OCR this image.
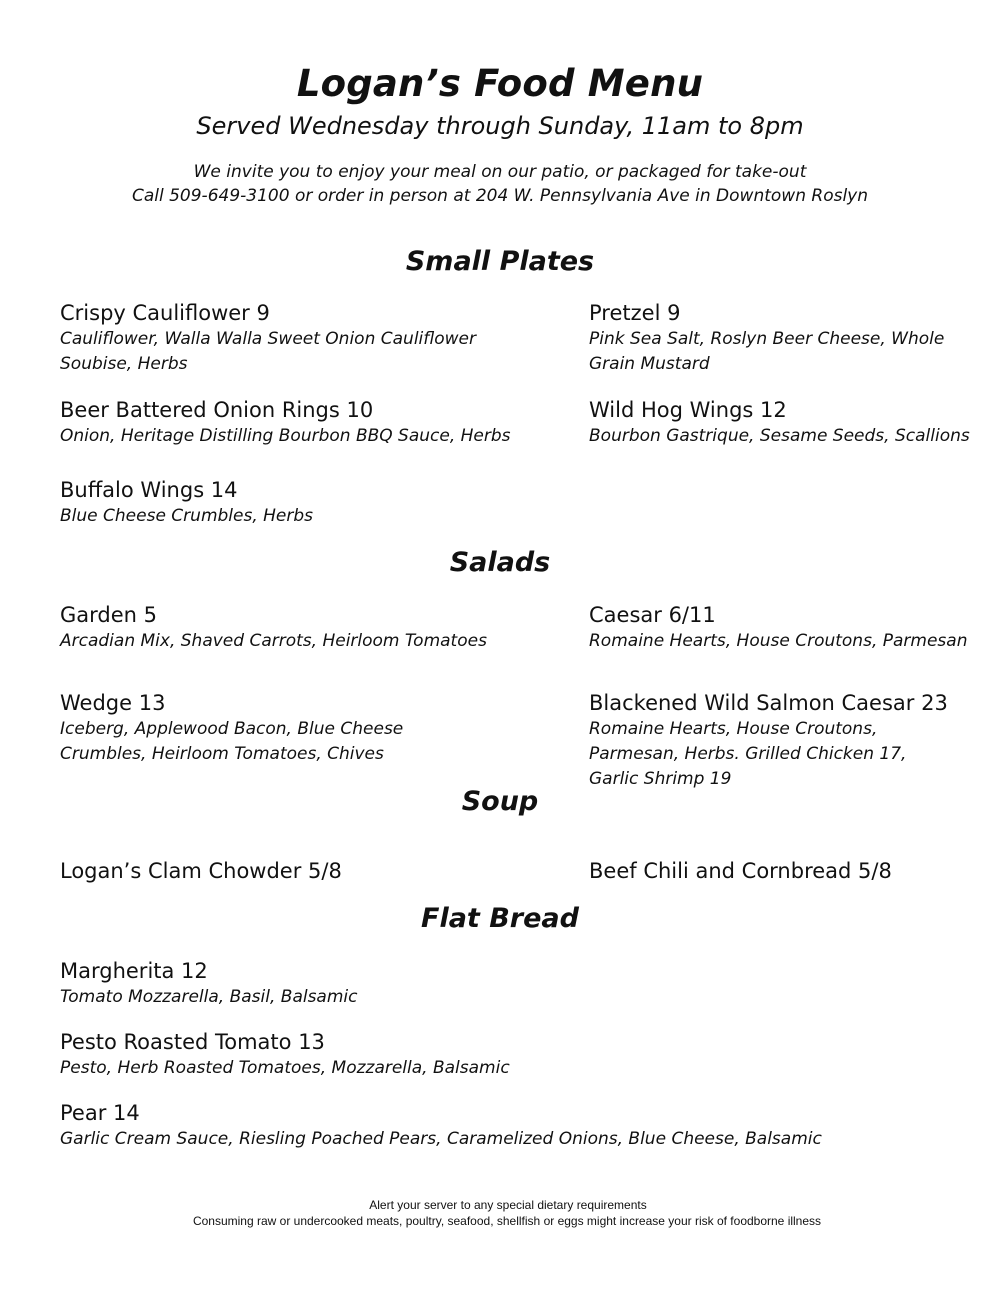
Logan’s Food Menu
Served Wednesday through Sunday, 11am to 8pm
We invite you to enjoy your meal on our patio, or packaged for take-out
Call 509-649-3100 or order in person at 204 W. Pennsylvania Ave in Downtown Roslyn
Small Plates
Crispy Cauliflower 9
Cauliflower, Walla Walla Sweet Onion Cauliflower Soubise, Herbs
Pretzel 9
Pink Sea Salt, Roslyn Beer Cheese, Whole Grain Mustard
Beer Battered Onion Rings 10
Onion, Heritage Distilling Bourbon BBQ Sauce, Herbs
Wild Hog Wings 12
Bourbon Gastrique, Sesame Seeds, Scallions
Buffalo Wings 14
Blue Cheese Crumbles, Herbs
Salads
Garden 5
Arcadian Mix, Shaved Carrots, Heirloom Tomatoes
Caesar 6/11
Romaine Hearts, House Croutons, Parmesan
Wedge 13
Iceberg, Applewood Bacon, Blue Cheese Crumbles, Heirloom Tomatoes, Chives
Blackened Wild Salmon Caesar 23
Romaine Hearts, House Croutons, Parmesan, Herbs. Grilled Chicken 17, Garlic Shrimp 19
Soup
Logan’s Clam Chowder 5/8	Beef Chili and Cornbread 5/8
Flat Bread
Margherita 12
Tomato Mozzarella, Basil, Balsamic
Pesto Roasted Tomato 13
Pesto, Herb Roasted Tomatoes, Mozzarella, Balsamic
Pear 14
Garlic Cream Sauce, Riesling Poached Pears, Caramelized Onions, Blue Cheese, Balsamic
Alert your server to any special dietary requirements
Consuming raw or undercooked meats, poultry, seafood, shellfish or eggs might increase your risk of foodborne illness
